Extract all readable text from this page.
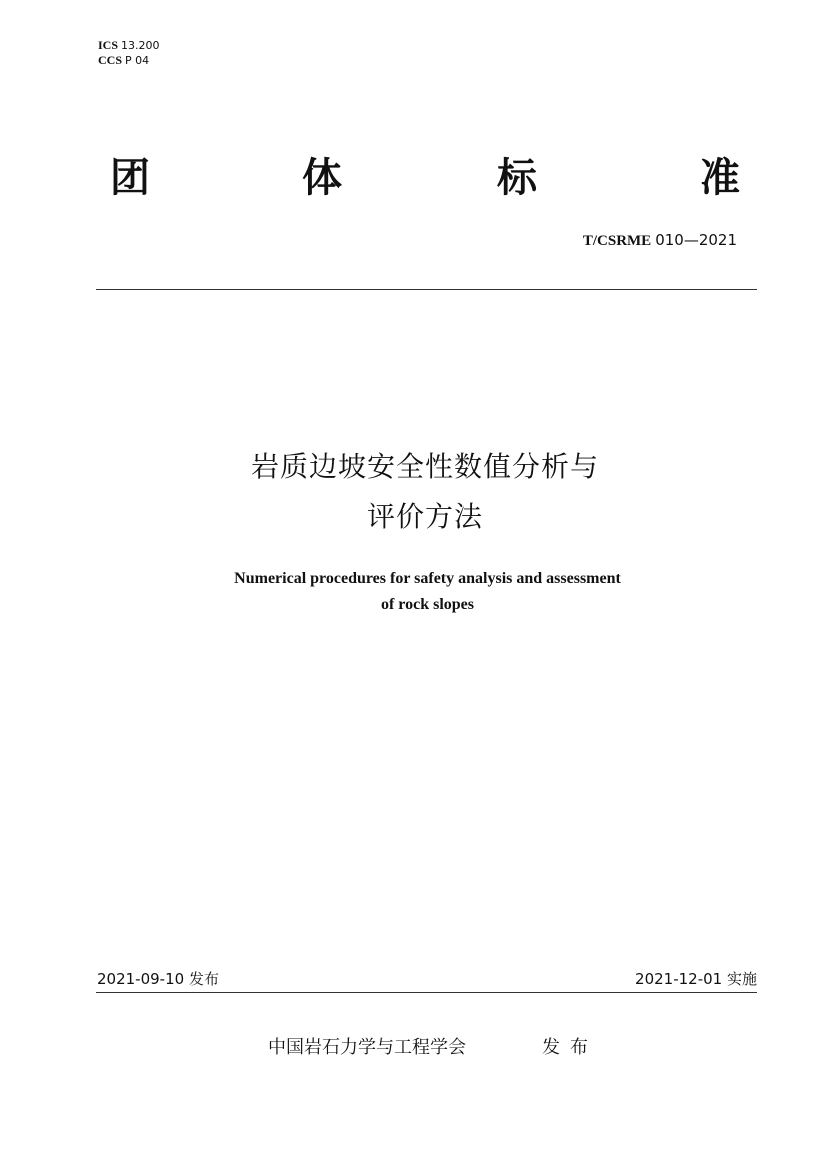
ICS 13.200
CCS P 04
团	体	标	准
T/CSRME 010—2021
岩质边坡安全性数值分析与
评价方法
Numerical procedures for safety analysis and assessment
of rock slopes
2021-09-10 发布	2021-12-01 实施
中国岩石力学与工程学会	发布
